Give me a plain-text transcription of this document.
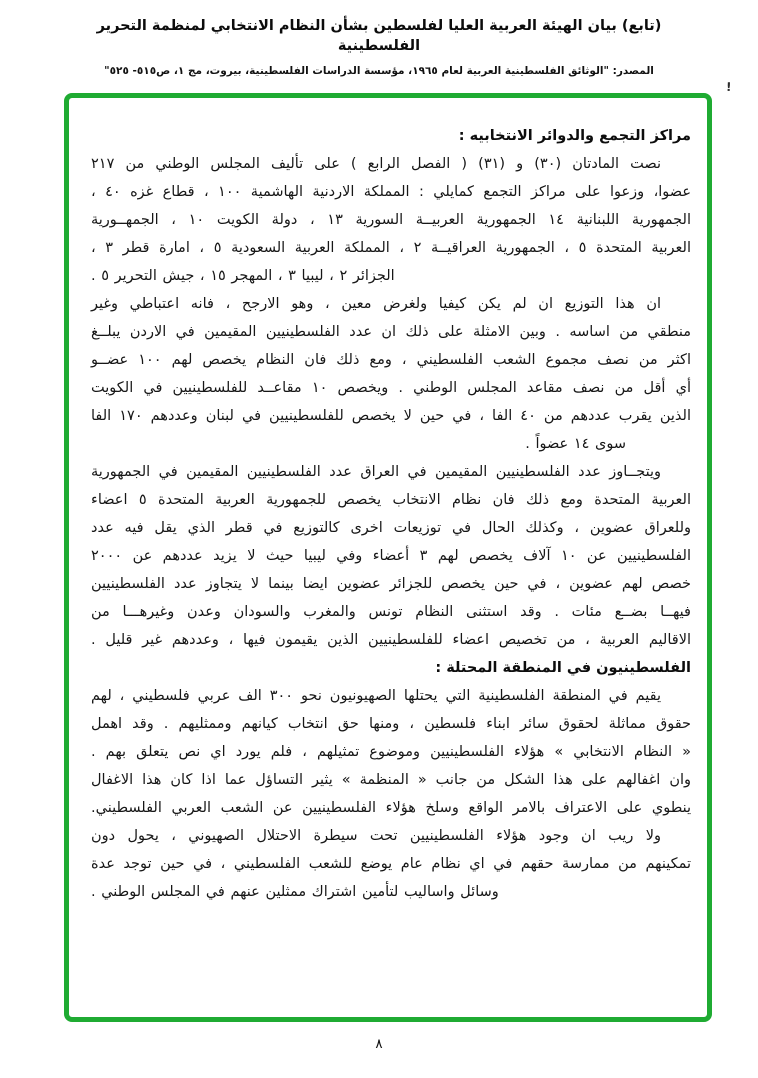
(تابع) بيان الهيئة العربية العليا لفلسطين بشأن النظام الانتخابي لمنظمة التحرير الفلسطينية
المصدر: "الوثائق الفلسطينية العربية لعام ١٩٦٥، مؤسسة الدراسات الفلسطينية، بيروت، مج ١، ص٥١٥- ٥٢٥"
!
مراكز التجمع والدوائر الانتخابيه :
نصت المادتان (٣٠) و (٣١) ( الفصل الرابع ) على تأليف المجلس الوطني من ٢١٧
عضوا، وزعوا على مراكز التجمع كمايلي : المملكة الاردنية الهاشمية ١٠٠ ، قطاع غزه ٤٠ ،
الجمهورية اللبنانية ١٤ الجمهورية العربيــة السورية ١٣ ، دولة الكويت ١٠ ، الجمهــورية
العربية المتحدة ٥ ، الجمهورية العراقيــة ٢ ، المملكة العربية السعودية ٥ ، امارة قطر ٣ ،
الجزائر ٢ ، ليبيا ٣ ، المهجر ١٥ ، جيش التحرير ٥ .
ان هذا التوزيع ان لم يكن كيفيا ولغرض معين ، وهو الارجح ، فانه اعتباطي وغير
منطقي من اساسه . وبين الامثلة على ذلك ان عدد الفلسطينيين المقيمين في الاردن يبلــغ
اكثر من نصف مجموع الشعب الفلسطيني ، ومع ذلك فان النظام يخصص لهم ١٠٠ عضــو
أي أقل من نصف مقاعد المجلس الوطني . ويخصص ١٠ مقاعــد للفلسطينيين في الكويت
الذين يقرب عددهم من ٤٠ الفا ، في حين لا يخصص للفلسطينيين في لبنان وعددهم ١٧٠ الفا
سوى ١٤ عضواً .
ويتجــاوز عدد الفلسطينيين المقيمين في العراق عدد الفلسطينيين المقيمين في الجمهورية
العربية المتحدة ومع ذلك فان نظام الانتخاب يخصص للجمهورية العربية المتحدة ٥ اعضاء
وللعراق عضوين ، وكذلك الحال في توزيعات اخرى كالتوزيع في قطر الذي يقل فيه عدد
الفلسطينيين عن ١٠ آلاف يخصص لهم ٣ أعضاء وفي ليبيا حيث لا يزيد عددهم عن ٢٠٠٠
خصص لهم عضوين ، في حين يخصص للجزائر عضوين ايضا بينما لا يتجاوز عدد الفلسطينيين
فيهــا بضــع مئات . وقد استثنى النظام تونس والمغرب والسودان وعدن وغيرهـــا من
الاقاليم العربية ، من تخصيص اعضاء للفلسطينيين الذين يقيمون فيها ، وعددهم غير قليل .
الفلسطينيون في المنطقة المحتلة :
يقيم في المنطقة الفلسطينية التي يحتلها الصهيونيون نحو ٣٠٠ الف عربي فلسطيني ، لهم
حقوق مماثلة لحقوق سائر ابناء فلسطين ، ومنها حق انتخاب كيانهم وممثليهم . وقد اهمل
« النظام الانتخابي » هؤلاء الفلسطينيين وموضوع تمثيلهم ، فلم يورد اي نص يتعلق بهم .
وان اغفالهم على هذا الشكل من جانب « المنظمة » يثير التساؤل عما اذا كان هذا الاغفال
ينطوي على الاعتراف بالامر الواقع وسلخ هؤلاء الفلسطينيين عن الشعب العربي الفلسطيني.
ولا ريب ان وجود هؤلاء الفلسطينيين تحت سيطرة الاحتلال الصهيوني ، يحول دون
تمكينهم من ممارسة حقهم في اي نظام عام يوضع للشعب الفلسطيني ، في حين توجد عدة
وسائل واساليب لتأمين اشتراك ممثلين عنهم في المجلس الوطني .
٨
